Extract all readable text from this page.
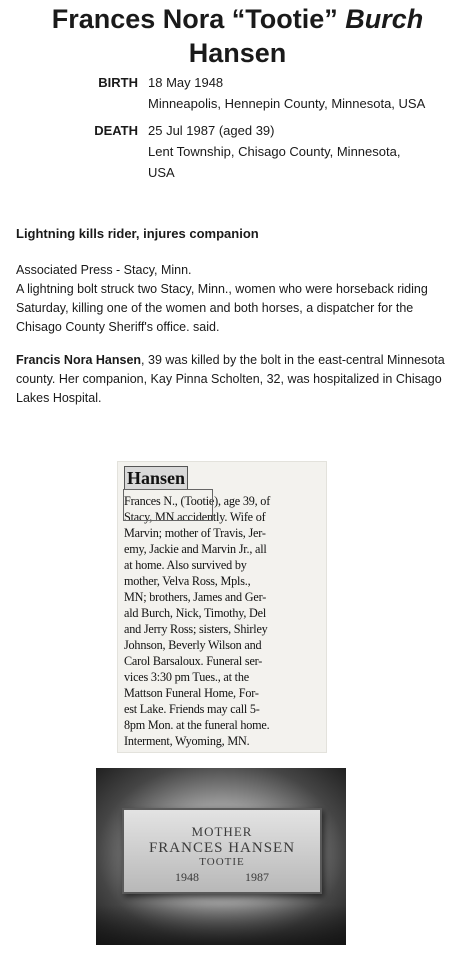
Frances Nora “Tootie” Burch
Hansen
BIRTH 18 May 1948
Minneapolis, Hennepin County, Minnesota, USA
DEATH 25 Jul 1987 (aged 39)
Lent Township, Chisago County, Minnesota,
USA

Lightning kills rider, injures companion

Associated Press - Stacy, Minn.
A lightning bolt struck two Stacy, Minn., women who were horseback riding Saturday, killing one of the women and both horses, a dispatcher for the Chisago County Sheriff's office. said.
Francis Nora Hansen, 39 was killed by the bolt in the east-central Minnesota county. Her companion, Kay Pinna Scholten, 32, was hospitalized in Chisago Lakes Hospital.
Hansen
Frances N., (Tootie), age 39, of
Stacy, MN accidently. Wife of
Marvin; mother of Travis, Jer-
emy, Jackie and Marvin Jr., all
at home. Also survived by
mother, Velva Ross, Mpls.,
MN; brothers, James and Ger-
ald Burch, Nick, Timothy, Del
and Jerry Ross; sisters, Shirley
Johnson, Beverly Wilson and
Carol Barsaloux. Funeral ser-
vices 3:30 pm Tues., at the
Mattson Funeral Home, For-
est Lake. Friends may call 5-
8pm Mon. at the funeral home.
Interment, Wyoming, MN.
MOTHER
FRANCES HANSEN
TOOTIE
1948	1987
